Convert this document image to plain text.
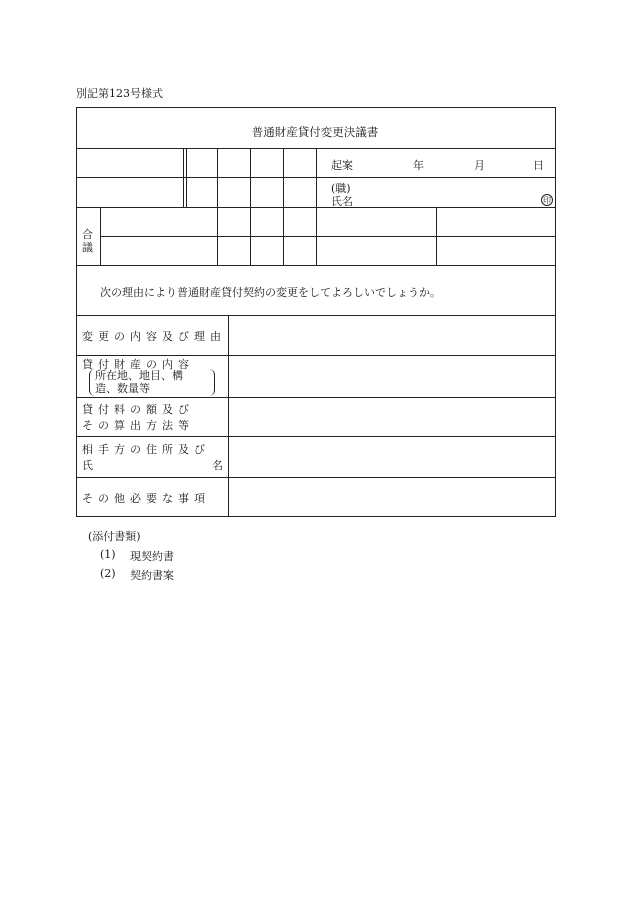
別記第123号様式
普通財産貸付変更決議書
起案	年	月	日
(職)
氏名	印
合
議
次の理由により普通財産貸付契約の変更をしてよろしいでしょうか。
変更の内容及び理由
貸付財産の内容
所在地、地目、構
造、数量等
貸付料の額及び
その算出方法等
相手方の住所及び
氏	名
その他必要な事項
(添付書類)
(1) 現契約書
(2) 契約書案
